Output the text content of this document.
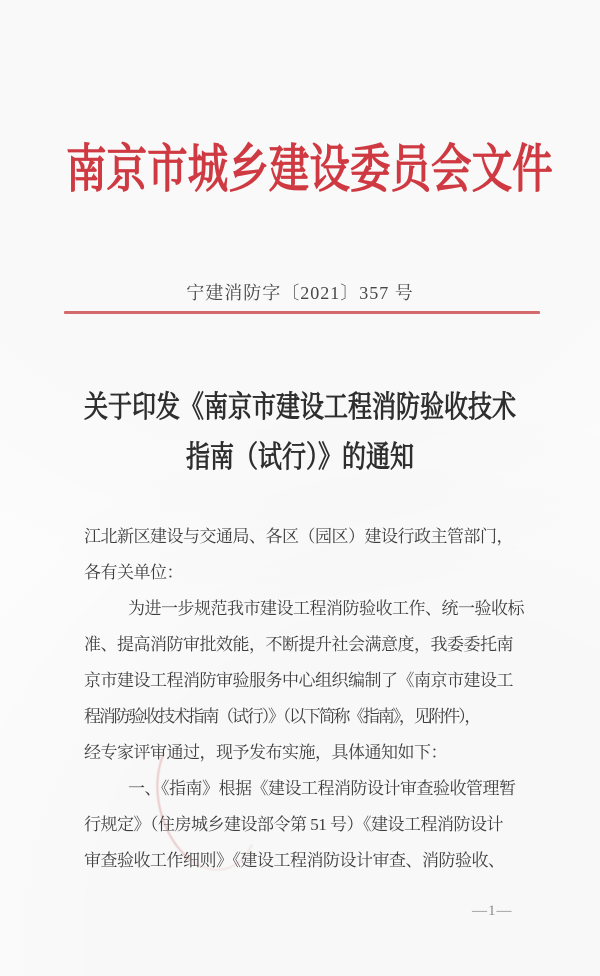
南京市城乡建设委员会文件
宁建消防字〔2021〕357 号
关于印发《南京市建设工程消防验收技术
指南（试行）》的通知
江北新区建设与交通局、各区（园区）建设行政主管部门，
各有关单位：
为进一步规范我市建设工程消防验收工作、统一验收标
准、提高消防审批效能，不断提升社会满意度，我委委托南
京市建设工程消防审验服务中心组织编制了《南京市建设工
程消防验收技术指南（试行）》（以下简称《指南》，见附件），
经专家评审通过，现予发布实施，具体通知如下：
一、《指南》根据《建设工程消防设计审查验收管理暂
行规定》（住房城乡建设部令第 51 号）《建设工程消防设计
审查验收工作细则》《建设工程消防设计审查、消防验收、
—1—
